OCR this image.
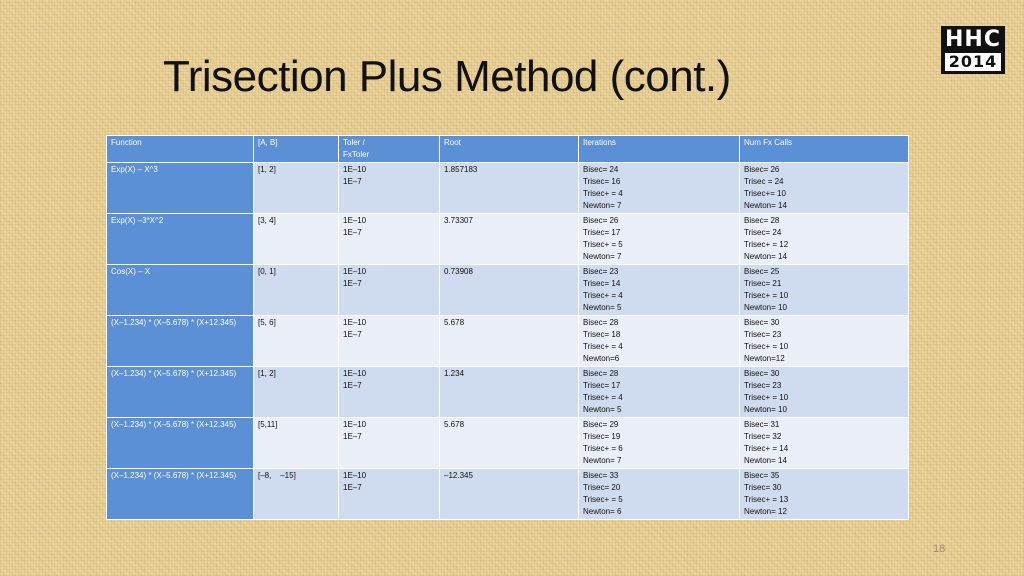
Trisection Plus Method (cont.)
HHC
2014
Function	[A, B]	Toler / FxToler	Root	Iterations	Num Fx Calls
Exp(X) – X^3	[1, 2]	1E–10
1E–7	1.857183	Bisec= 24
Trisec= 16
Trisec+ = 4
Newton= 7	Bisec= 26
Trisec = 24
Trisec+= 10
Newton= 14

Exp(X) –3*X^2	[3, 4]	1E–10
1E–7	3.73307	Bisec= 26
Trisec= 17
Trisec+ = 5
Newton= 7	Bisec= 28
Trisec= 24
Trisec+ = 12
Newton= 14

Cos(X) – X	[0, 1]	1E–10
1E–7	0.73908	Bisec= 23
Trisec= 14
Trisec+ = 4
Newton= 5	Bisec= 25
Trisec= 21
Trisec+ = 10
Newton= 10

(X–1.234) * (X–5.678) * (X+12.345)	[5, 6]	1E–10
1E–7	5.678	Bisec= 28
Trisec= 18
Trisec+ = 4
Newton=6	Bisec= 30
Trisec= 23
Trisec+ = 10
Newton=12

(X–1.234) * (X–5.678) * (X+12.345)	[1, 2]	1E–10
1E–7	1.234	Bisec= 28
Trisec= 17
Trisec+ = 4
Newton= 5	Bisec= 30
Trisec= 23
Trisec+ = 10
Newton= 10

(X–1.234) * (X–5.678) * (X+12.345)	[5,11]	1E–10
1E–7	5.678	Bisec= 29
Trisec= 19
Trisec+ = 6
Newton= 7	Bisec= 31
Trisec= 32
Trisec+ = 14
Newton= 14

(X–1.234) * (X–5.678) * (X+12.345)	[–8,    –15]	1E–10
1E–7	–12.345	Bisec= 33
Trisec= 20
Trisec+ = 5
Newton= 6	Bisec= 35
Trisec= 30
Trisec+ = 13
Newton= 12
18
